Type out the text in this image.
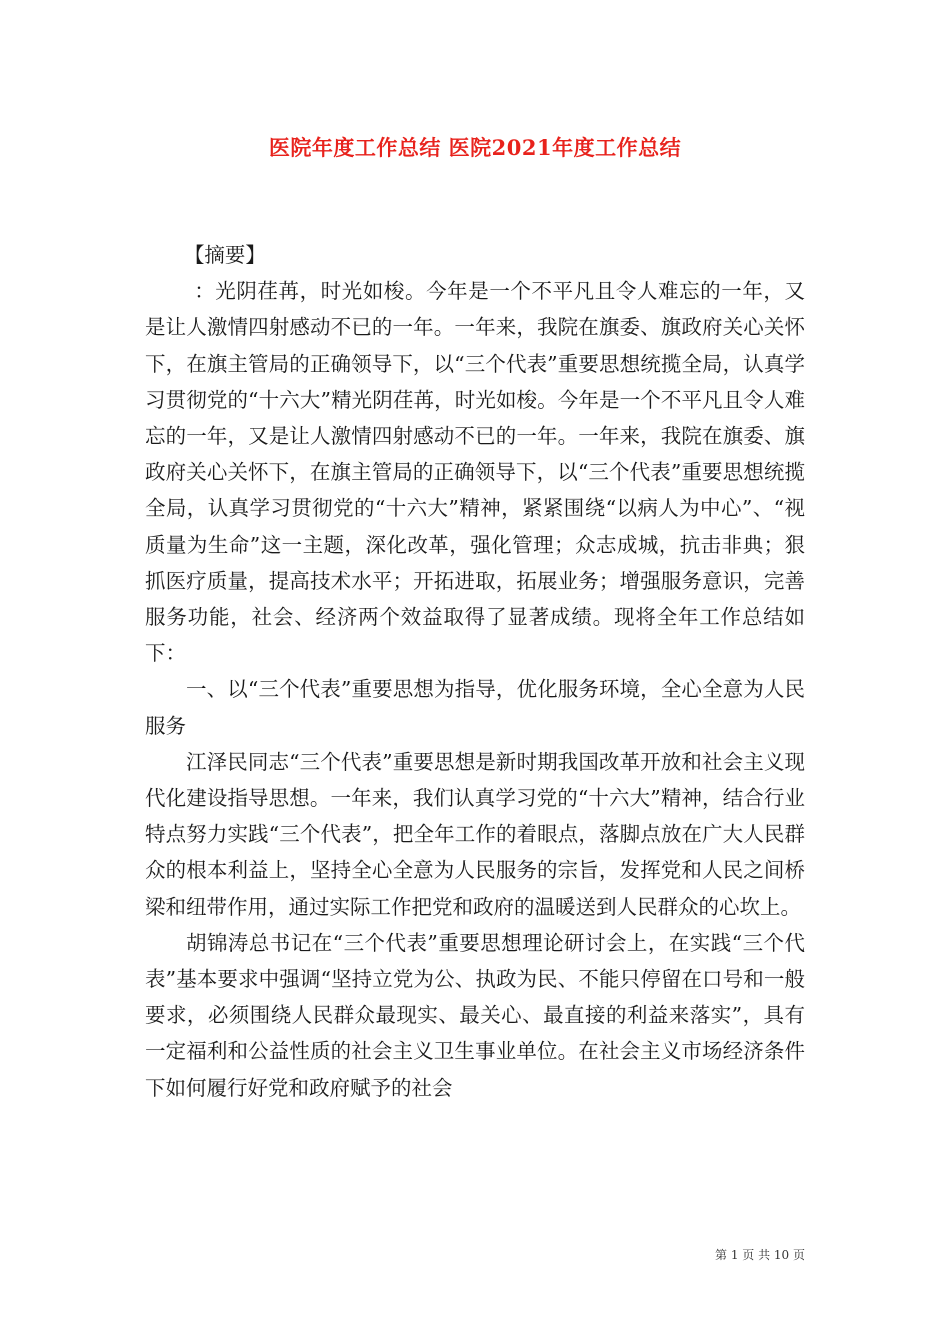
医院年度工作总结 医院2021年度工作总结

【摘要】

：光阴荏苒，时光如梭。今年是一个不平凡且令人难忘的一年，又是让人激情四射感动不已的一年。一年来，我院在旗委、旗政府关心关怀下，在旗主管局的正确领导下，以“三个代表”重要思想统揽全局，认真学习贯彻党的“十六大”精光阴荏苒，时光如梭。今年是一个不平凡且令人难忘的一年，又是让人激情四射感动不已的一年。一年来，我院在旗委、旗政府关心关怀下，在旗主管局的正确领导下，以“三个代表”重要思想统揽全局，认真学习贯彻党的“十六大”精神，紧紧围绕“以病人为中心”、“视质量为生命”这一主题，深化改革，强化管理；众志成城，抗击非典；狠抓医疗质量，提高技术水平；开拓进取，拓展业务；增强服务意识，完善服务功能，社会、经济两个效益取得了显著成绩。现将全年工作总结如下：

一、以“三个代表”重要思想为指导，优化服务环境，全心全意为人民服务

江泽民同志“三个代表”重要思想是新时期我国改革开放和社会主义现代化建设指导思想。一年来，我们认真学习党的“十六大”精神，结合行业特点努力实践“三个代表”，把全年工作的着眼点，落脚点放在广大人民群众的根本利益上，坚持全心全意为人民服务的宗旨，发挥党和人民之间桥梁和纽带作用，通过实际工作把党和政府的温暖送到人民群众的心坎上。

胡锦涛总书记在“三个代表”重要思想理论研讨会上，在实践“三个代表”基本要求中强调“坚持立党为公、执政为民、不能只停留在口号和一般要求，必须围绕人民群众最现实、最关心、最直接的利益来落实”，具有一定福利和公益性质的社会主义卫生事业单位。在社会主义市场经济条件下如何履行好党和政府赋予的社会

第 1 页 共 10 页
